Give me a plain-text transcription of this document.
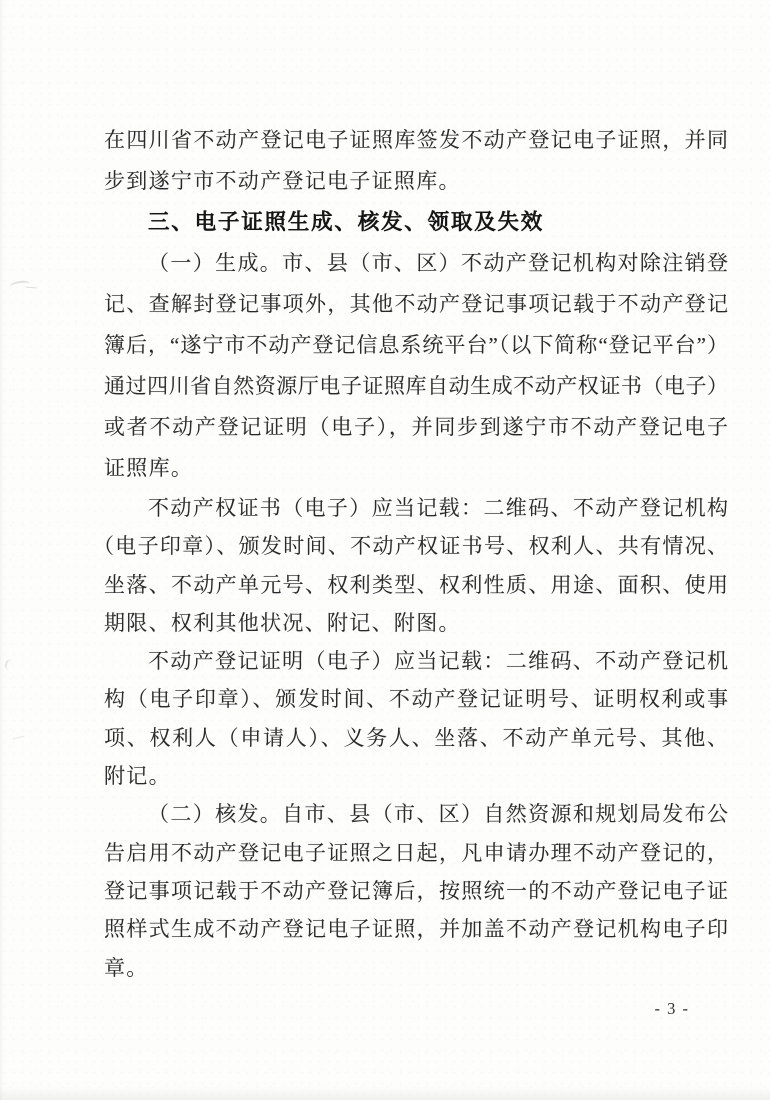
在四川省不动产登记电子证照库签发不动产登记电子证照，并同
步到遂宁市不动产登记电子证照库。
三、电子证照生成、核发、领取及失效
（一）生成。市、县（市、区）不动产登记机构对除注销登
记、查解封登记事项外，其他不动产登记事项记载于不动产登记
簿后，“遂宁市不动产登记信息系统平台”（以下简称“登记平台”）
通过四川省自然资源厅电子证照库自动生成不动产权证书（电子）
或者不动产登记证明（电子），并同步到遂宁市不动产登记电子
证照库。
不动产权证书（电子）应当记载：二维码、不动产登记机构
（电子印章）、颁发时间、不动产权证书号、权利人、共有情况、
坐落、不动产单元号、权利类型、权利性质、用途、面积、使用
期限、权利其他状况、附记、附图。
不动产登记证明（电子）应当记载：二维码、不动产登记机
构（电子印章）、颁发时间、不动产登记证明号、证明权利或事
项、权利人（申请人）、义务人、坐落、不动产单元号、其他、
附记。
（二）核发。自市、县（市、区）自然资源和规划局发布公
告启用不动产登记电子证照之日起，凡申请办理不动产登记的，
登记事项记载于不动产登记簿后，按照统一的不动产登记电子证
照样式生成不动产登记电子证照，并加盖不动产登记机构电子印
章。
- 3 -
